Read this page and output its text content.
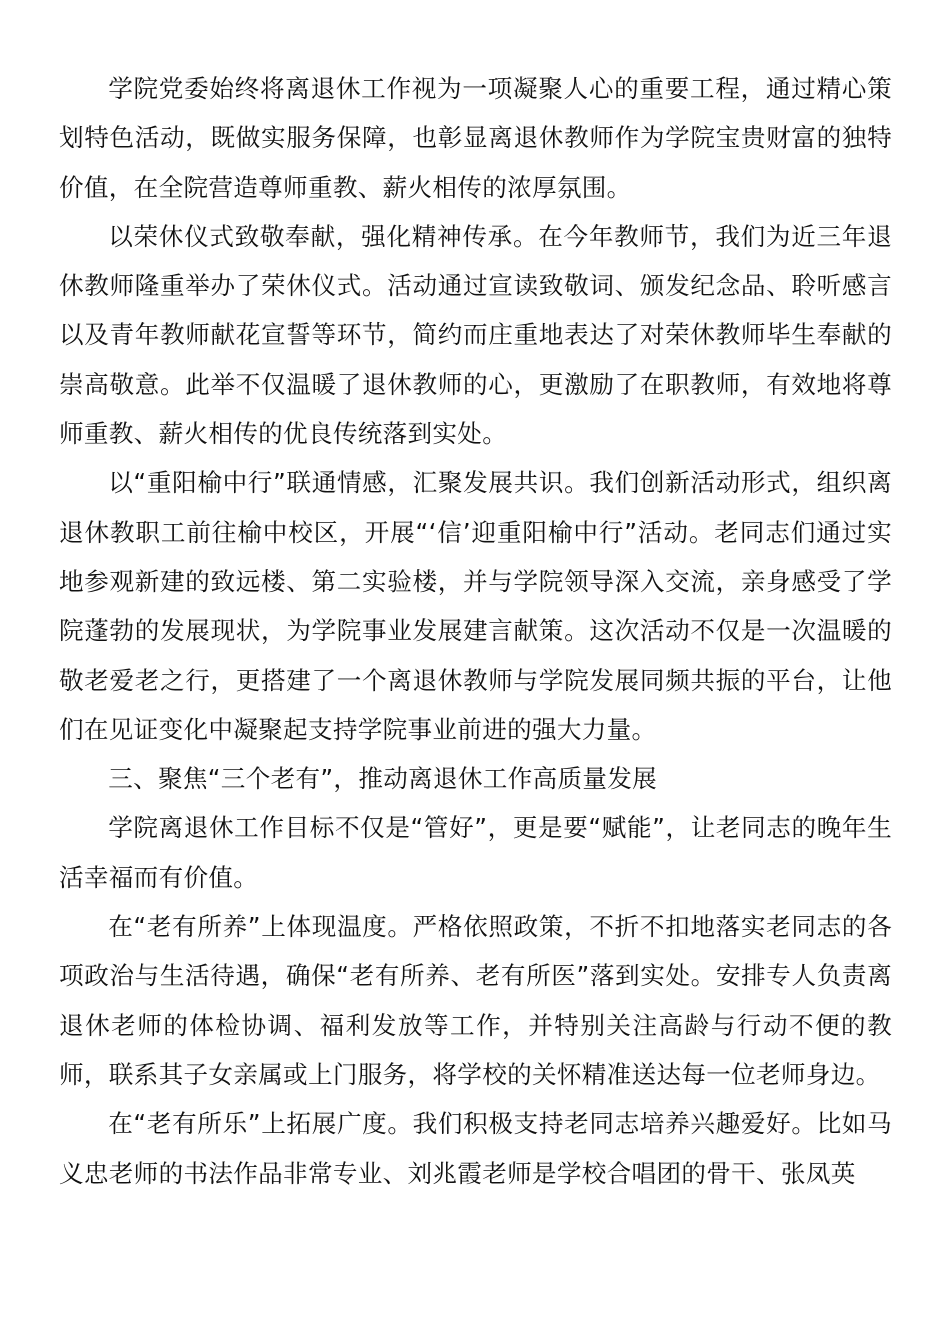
学院党委始终将离退休工作视为一项凝聚人心的重要工程，通过精心策划特色活动，既做实服务保障，也彰显离退休教师作为学院宝贵财富的独特价值，在全院营造尊师重教、薪火相传的浓厚氛围。

以荣休仪式致敬奉献，强化精神传承。在今年教师节，我们为近三年退休教师隆重举办了荣休仪式。活动通过宣读致敬词、颁发纪念品、聆听感言以及青年教师献花宣誓等环节，简约而庄重地表达了对荣休教师毕生奉献的崇高敬意。此举不仅温暖了退休教师的心，更激励了在职教师，有效地将尊师重教、薪火相传的优良传统落到实处。

以“重阳榆中行”联通情感，汇聚发展共识。我们创新活动形式，组织离退休教职工前往榆中校区，开展“‘信’迎重阳榆中行”活动。老同志们通过实地参观新建的致远楼、第二实验楼，并与学院领导深入交流，亲身感受了学院蓬勃的发展现状，为学院事业发展建言献策。这次活动不仅是一次温暖的敬老爱老之行，更搭建了一个离退休教师与学院发展同频共振的平台，让他们在见证变化中凝聚起支持学院事业前进的强大力量。

三、聚焦“三个老有”，推动离退休工作高质量发展

学院离退休工作目标不仅是“管好”，更是要“赋能”，让老同志的晚年生活幸福而有价值。

在“老有所养”上体现温度。严格依照政策，不折不扣地落实老同志的各项政治与生活待遇，确保“老有所养、老有所医”落到实处。安排专人负责离退休老师的体检协调、福利发放等工作，并特别关注高龄与行动不便的教师，联系其子女亲属或上门服务，将学校的关怀精准送达每一位老师身边。

在“老有所乐”上拓展广度。我们积极支持老同志培养兴趣爱好。比如马义忠老师的书法作品非常专业、刘兆霞老师是学校合唱团的骨干、张凤英
